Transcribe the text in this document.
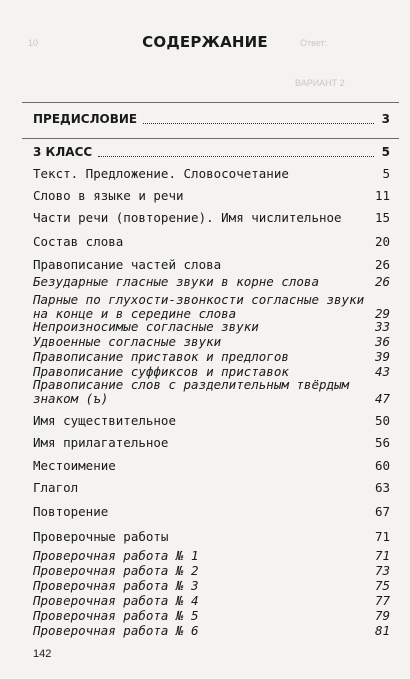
10	Ответ:
ВАРИАНТ 2
СОДЕРЖАНИЕ
ПРЕДИСЛОВИЕ	3
3 КЛАСС	5
Текст. Предложение. Словосочетание	5
Слово в языке и речи	11
Части речи (повторение). Имя числительное	15
Состав слова	20
Правописание частей слова	26
Безударные гласные звуки в корне слова	26
Парные по глухости-звонкости согласные звуки
на конце и в середине слова	29
Непроизносимые согласные звуки	33
Удвоенные согласные звуки	36
Правописание приставок и предлогов	39
Правописание суффиксов и приставок	43
Правописание слов с разделительным твёрдым
знаком (ъ)	47
Имя существительное	50
Имя прилагательное	56
Местоимение	60
Глагол	63
Повторение	67
Проверочные работы	71
Проверочная работа № 1	71
Проверочная работа № 2	73
Проверочная работа № 3	75
Проверочная работа № 4	77
Проверочная работа № 5	79
Проверочная работа № 6	81
142
